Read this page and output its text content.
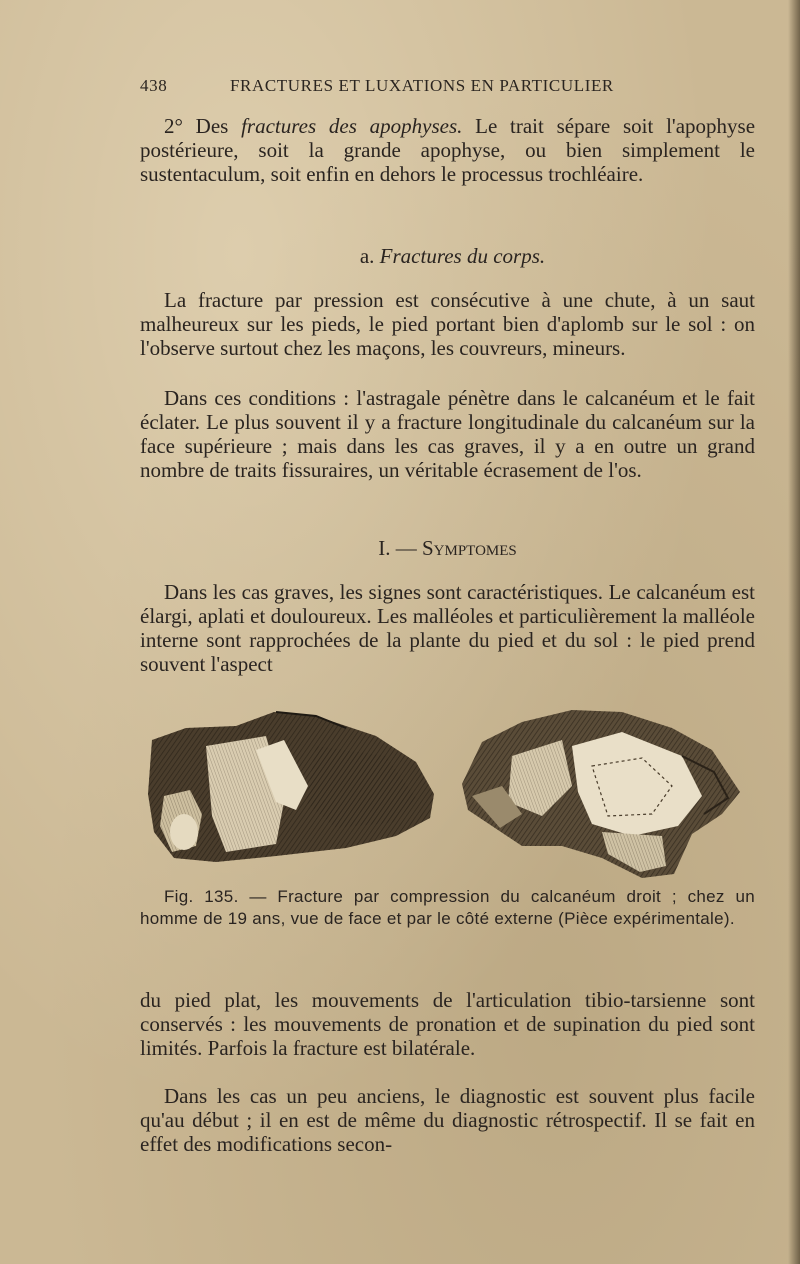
438	FRACTURES ET LUXATIONS EN PARTICULIER

2° Des fractures des apophyses. Le trait sépare soit l'apophyse postérieure, soit la grande apophyse, ou bien simplement le sustentaculum, soit enfin en dehors le processus trochléaire.

a. Fractures du corps.

La fracture par pression est consécutive à une chute, à un saut malheureux sur les pieds, le pied portant bien d'aplomb sur le sol : on l'observe surtout chez les maçons, les couvreurs, mineurs.

Dans ces conditions : l'astragale pénètre dans le calcanéum et le fait éclater. Le plus souvent il y a fracture longitudinale du calcanéum sur la face supérieure ; mais dans les cas graves, il y a en outre un grand nombre de traits fissuraires, un véritable écrasement de l'os.

I. — Symptomes

Dans les cas graves, les signes sont caractéristiques. Le calcanéum est élargi, aplati et douloureux. Les malléoles et particulièrement la malléole interne sont rapprochées de la plante du pied et du sol : le pied prend souvent l'aspect

Fig. 135. — Fracture par compression du calcanéum droit ; chez un homme de 19 ans, vue de face et par le côté externe (Pièce expérimentale).

du pied plat, les mouvements de l'articulation tibio-tarsienne sont conservés : les mouvements de pronation et de supination du pied sont limités. Parfois la fracture est bilatérale.

Dans les cas un peu anciens, le diagnostic est souvent plus facile qu'au début ; il en est de même du diagnostic rétrospectif. Il se fait en effet des modifications secon-
